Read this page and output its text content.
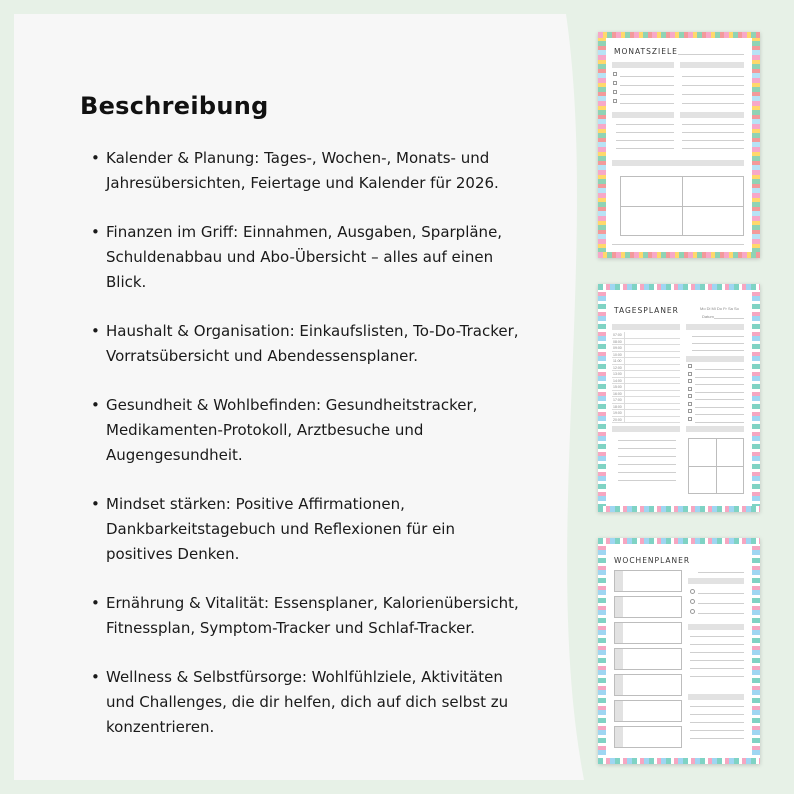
Beschreibung
• Kalender & Planung: Tages-, Wochen-, Monats- und Jahresübersichten, Feiertage und Kalender für 2026.
• Finanzen im Griff: Einnahmen, Ausgaben, Sparpläne, Schuldenabbau und Abo-Übersicht – alles auf einen Blick.
• Haushalt & Organisation: Einkaufslisten, To-Do-Tracker, Vorratsübersicht und Abendessensplaner.
• Gesundheit & Wohlbefinden: Gesundheitstracker, Medikamenten-Protokoll, Arztbesuche und Augengesundheit.
• Mindset stärken: Positive Affirmationen, Dankbarkeitstagebuch und Reflexionen für ein positives Denken.
• Ernährung & Vitalität: Essensplaner, Kalorienübersicht, Fitnessplan, Symptom-Tracker und Schlaf-Tracker.
• Wellness & Selbstfürsorge: Wohlfühlziele, Aktivitäten und Challenges, die dir helfen, dich auf dich selbst zu konzentrieren.
MONATSZIELE
TAGESPLANER	Mo Di Mi Do Fr Sa So
Datum
07:00
08:00
09:00
10:00
11:00
12:00
13:00
14:00
15:00
16:00
17:00
18:00
19:00
20:00
WOCHENPLANER
